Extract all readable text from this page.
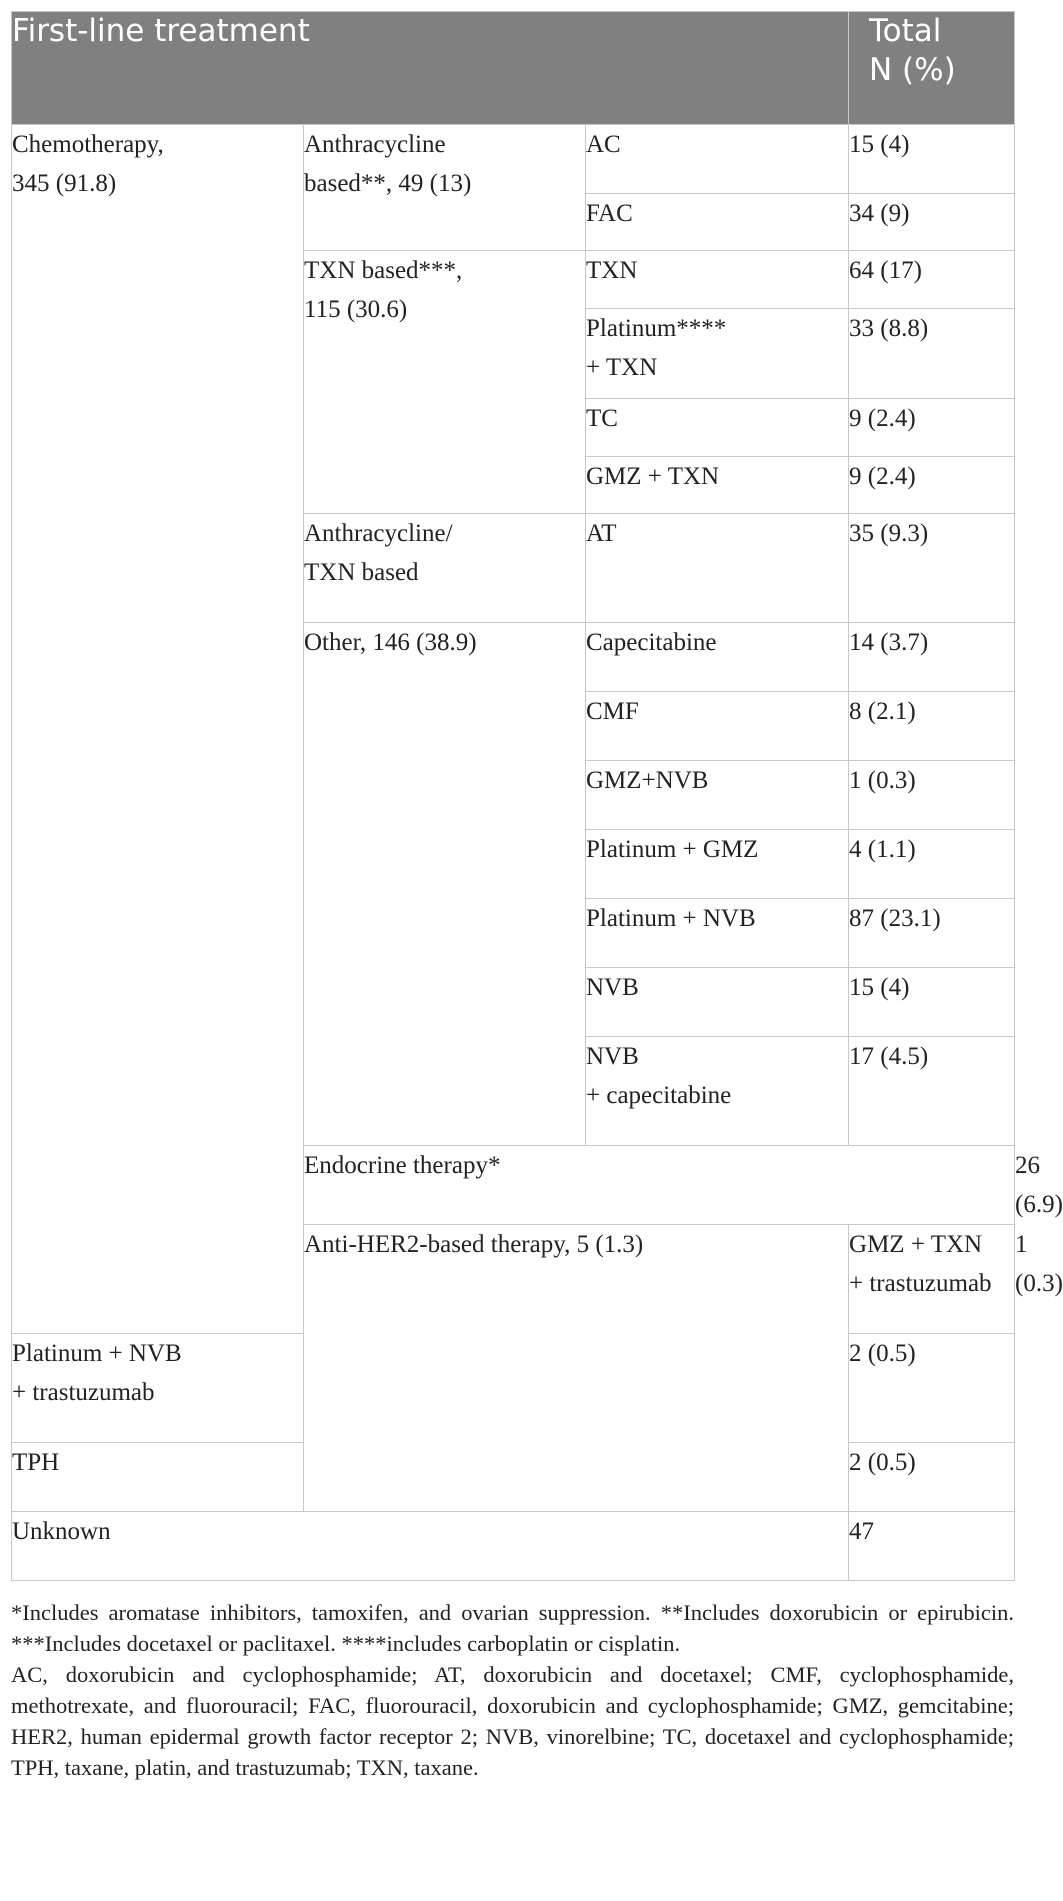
First-line treatment			Total
N (%)	
Chemotherapy,
345 (91.8)	Anthracycline
based**, 49 (13)	AC	15 (4)	
		FAC	34 (9)	
	TXN based***,
115 (30.6)	TXN	64 (17)	
		Platinum****
+ TXN	33 (8.8)	
		TC	9 (2.4)	
		GMZ + TXN	9 (2.4)	
	Anthracycline/
TXN based	AT	35 (9.3)	
	Other, 146 (38.9)	Capecitabine	14 (3.7)	
		CMF	8 (2.1)	
		GMZ+NVB	1 (0.3)	
		Platinum + GMZ	4 (1.1)	
		Platinum + NVB	87 (23.1)	
		NVB	15 (4)	
		NVB
+ capecitabine	17 (4.5)	
	Endocrine therapy*			26 (6.9)
	Anti-HER2-based therapy, 5 (1.3)		GMZ + TXN
+ trastuzumab	1 (0.3)
Platinum + NVB
+ trastuzumab			2 (0.5)	
TPH			2 (0.5)	
Unknown			47	

*Includes aromatase inhibitors, tamoxifen, and ovarian suppression. **Includes doxorubicin or epirubicin. ***Includes docetaxel or paclitaxel. ****includes carboplatin or cisplatin.

AC, doxorubicin and cyclophosphamide; AT, doxorubicin and docetaxel; CMF, cyclophosphamide, methotrexate, and fluorouracil; FAC, fluorouracil, doxorubicin and cyclophosphamide; GMZ, gemcitabine; HER2, human epidermal growth factor receptor 2; NVB, vinorelbine; TC, docetaxel and cyclophosphamide; TPH, taxane, platin, and trastuzumab; TXN, taxane.
